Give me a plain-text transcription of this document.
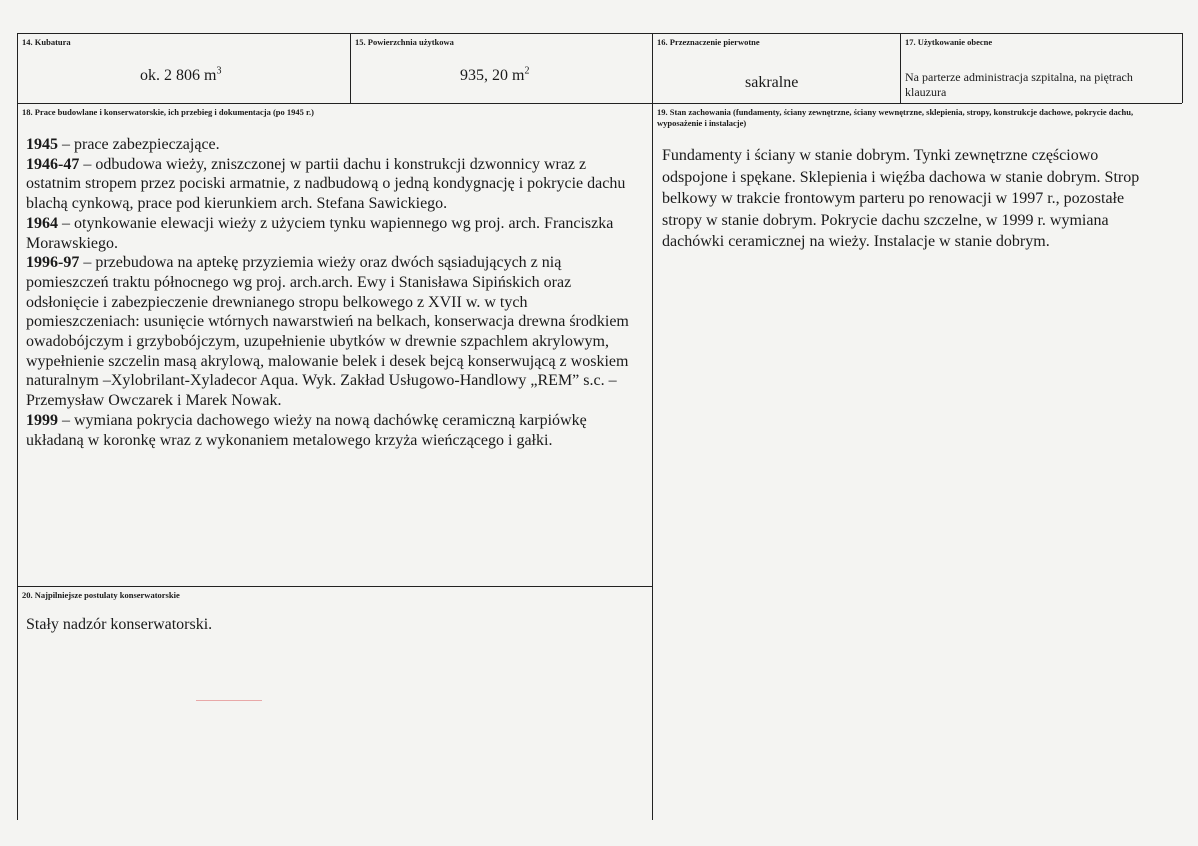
14. Kubatura
ok. 2 806 $m^3$
15. Powierzchnia użytkowa
935, 20 $m^2$
16. Przeznaczenie pierwotne
sakralne
17. Użytkowanie obecne
Na parterze administracja szpitalna, na piętrach klauzura
18. Prace budowlane i konserwatorskie, ich przebieg i dokumentacja (po 1945 r.)
1945 – prace zabezpieczające.
1946-47 – odbudowa wieży, zniszczonej w partii dachu i konstrukcji dzwonnicy wraz z ostatnim stropem przez pociski armatnie, z nadbudową o jedną kondygnację i pokrycie dachu blachą cynkową, prace pod kierunkiem arch. Stefana Sawickiego.
1964 – otynkowanie elewacji wieży z użyciem tynku wapiennego wg proj. arch. Franciszka Morawskiego.
1996-97 – przebudowa na aptekę przyziemia wieży oraz dwóch sąsiadujących z nią pomieszczeń traktu północnego wg proj. arch.arch. Ewy i Stanisława Sipińskich oraz odsłonięcie i zabezpieczenie drewnianego stropu belkowego z XVII w. w tych pomieszczeniach: usunięcie wtórnych nawarstwień na belkach, konserwacja drewna środkiem owadobójczym i grzybobójczym, uzupełnienie ubytków w drewnie szpachlem akrylowym, wypełnienie szczelin masą akrylową, malowanie belek i desek bejcą konserwującą z woskiem naturalnym –Xylobrilant-Xyladecor Aqua. Wyk. Zakład Usługowo-Handlowy „REM” s.c. – Przemysław Owczarek i Marek Nowak.
1999 – wymiana pokrycia dachowego wieży na nową dachówkę ceramiczną karpiówkę układaną w koronkę wraz z wykonaniem metalowego krzyża wieńczącego i gałki.
19. Stan zachowania (fundamenty, ściany zewnętrzne, ściany wewnętrzne, sklepienia, stropy, konstrukcje dachowe, pokrycie dachu, wyposażenie i instalacje)
Fundamenty i ściany w stanie dobrym. Tynki zewnętrzne częściowo odspojone i spękane. Sklepienia i więźba dachowa w stanie dobrym. Strop belkowy w trakcie frontowym parteru po renowacji w 1997 r., pozostałe stropy w stanie dobrym. Pokrycie dachu szczelne, w 1999 r. wymiana dachówki ceramicznej na wieży. Instalacje w stanie dobrym.
20. Najpilniejsze postulaty konserwatorskie
Stały nadzór konserwatorski.
